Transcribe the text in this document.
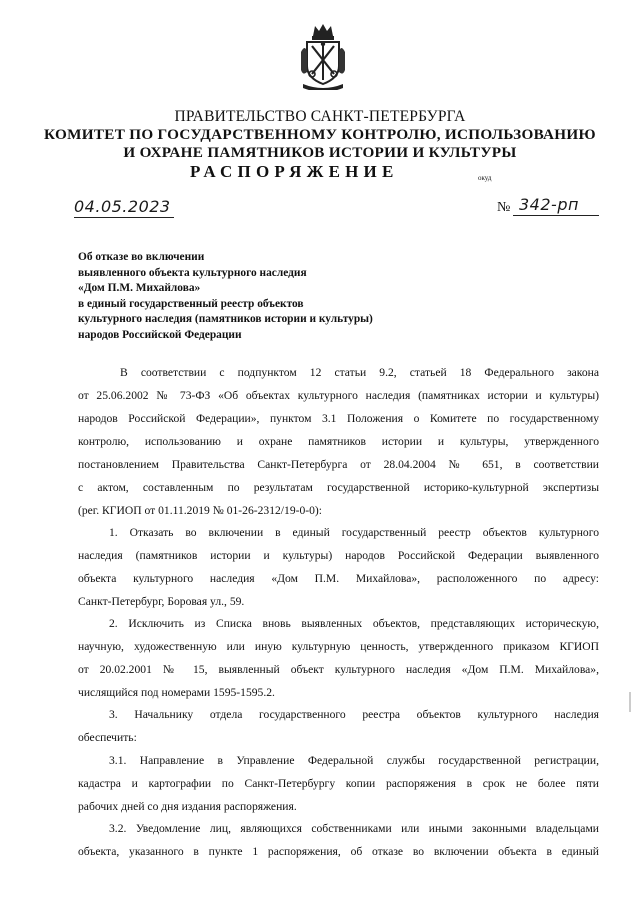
ПРАВИТЕЛЬСТВО САНКТ-ПЕТЕРБУРГА
КОМИТЕТ ПО ГОСУДАРСТВЕННОМУ КОНТРОЛЮ, ИСПОЛЬЗОВАНИЮ
И ОХРАНЕ ПАМЯТНИКОВ ИСТОРИИ И КУЛЬТУРЫ
РАСПОРЯЖЕНИЕ	окуд
04.05.2023	№ 342-рп
Об отказе во включении
выявленного объекта культурного наследия
«Дом П.М. Михайлова»
в единый государственный реестр объектов
культурного наследия (памятников истории и культуры)
народов Российской Федерации
В соответствии с подпунктом 12 статьи 9.2, статьей 18 Федерального закона
от 25.06.2002 № 73-ФЗ «Об объектах культурного наследия (памятниках истории и культуры)
народов Российской Федерации», пунктом 3.1 Положения о Комитете по государственному
контролю, использованию и охране памятников истории и культуры, утвержденного
постановлением Правительства Санкт-Петербурга от 28.04.2004 № 651, в соответствии
с актом, составленным по результатам государственной историко-культурной экспертизы
(рег. КГИОП от 01.11.2019 № 01-26-2312/19-0-0):
1. Отказать во включении в единый государственный реестр объектов культурного
наследия (памятников истории и культуры) народов Российской Федерации выявленного
объекта культурного наследия «Дом П.М. Михайлова», расположенного по адресу:
Санкт-Петербург, Боровая ул., 59.
2. Исключить из Списка вновь выявленных объектов, представляющих историческую,
научную, художественную или иную культурную ценность, утвержденного приказом КГИОП
от 20.02.2001 № 15, выявленный объект культурного наследия «Дом П.М. Михайлова»,
числящийся под номерами 1595-1595.2.
3. Начальнику отдела государственного реестра объектов культурного наследия
обеспечить:
3.1. Направление в Управление Федеральной службы государственной регистрации,
кадастра и картографии по Санкт-Петербургу копии распоряжения в срок не более пяти
рабочих дней со дня издания распоряжения.
3.2. Уведомление лиц, являющихся собственниками или иными законными владельцами
объекта, указанного в пункте 1 распоряжения, об отказе во включении объекта в единый
